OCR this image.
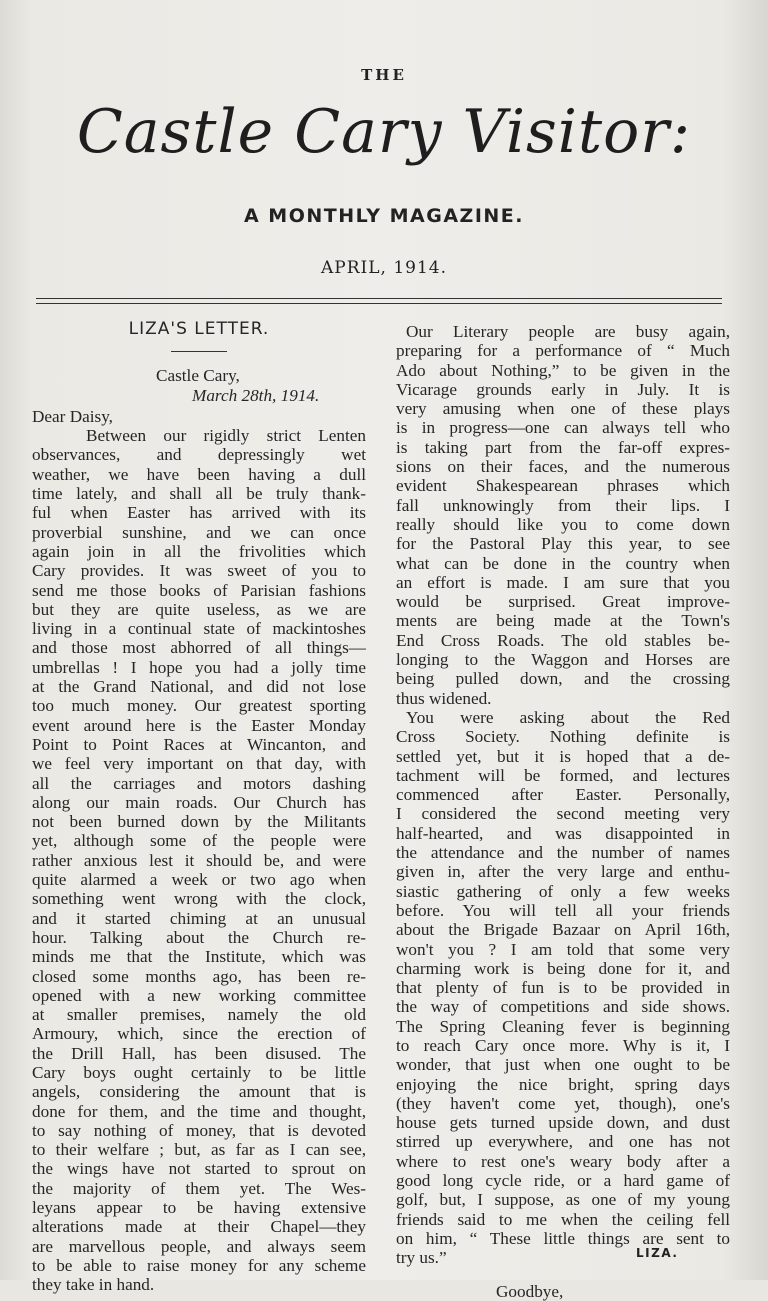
THE
Castle Cary Visitor:
A MONTHLY MAGAZINE.
APRIL, 1914.
LIZA'S LETTER.
Castle Cary,
March 28th, 1914.
Dear Daisy,
Between our rigidly strict Lenten
observances, and depressingly wet
weather, we have been having a dull
time lately, and shall all be truly thank-
ful when Easter has arrived with its
proverbial sunshine, and we can once
again join in all the frivolities which
Cary provides. It was sweet of you to
send me those books of Parisian fashions
but they are quite useless, as we are
living in a continual state of mackintoshes
and those most abhorred of all things—
umbrellas ! I hope you had a jolly time
at the Grand National, and did not lose
too much money. Our greatest sporting
event around here is the Easter Monday
Point to Point Races at Wincanton, and
we feel very important on that day, with
all the carriages and motors dashing
along our main roads. Our Church has
not been burned down by the Militants
yet, although some of the people were
rather anxious lest it should be, and were
quite alarmed a week or two ago when
something went wrong with the clock,
and it started chiming at an unusual
hour. Talking about the Church re-
minds me that the Institute, which was
closed some months ago, has been re-
opened with a new working committee
at smaller premises, namely the old
Armoury, which, since the erection of
the Drill Hall, has been disused. The
Cary boys ought certainly to be little
angels, considering the amount that is
done for them, and the time and thought,
to say nothing of money, that is devoted
to their welfare ; but, as far as I can see,
the wings have not started to sprout on
the majority of them yet. The Wes-
leyans appear to be having extensive
alterations made at their Chapel—they
are marvellous people, and always seem
to be able to raise money for any scheme
they take in hand.
Our Literary people are busy again,
preparing for a performance of “ Much
Ado about Nothing,” to be given in the
Vicarage grounds early in July. It is
very amusing when one of these plays
is in progress—one can always tell who
is taking part from the far-off expres-
sions on their faces, and the numerous
evident Shakespearean phrases which
fall unknowingly from their lips. I
really should like you to come down
for the Pastoral Play this year, to see
what can be done in the country when
an effort is made. I am sure that you
would be surprised. Great improve-
ments are being made at the Town's
End Cross Roads. The old stables be-
longing to the Waggon and Horses are
being pulled down, and the crossing
thus widened.
You were asking about the Red
Cross Society. Nothing definite is
settled yet, but it is hoped that a de-
tachment will be formed, and lectures
commenced after Easter. Personally,
I considered the second meeting very
half-hearted, and was disappointed in
the attendance and the number of names
given in, after the very large and enthu-
siastic gathering of only a few weeks
before. You will tell all your friends
about the Brigade Bazaar on April 16th,
won't you ? I am told that some very
charming work is being done for it, and
that plenty of fun is to be provided in
the way of competitions and side shows.
The Spring Cleaning fever is beginning
to reach Cary once more. Why is it, I
wonder, that just when one ought to be
enjoying the nice bright, spring days
(they haven't come yet, though), one's
house gets turned upside down, and dust
stirred up everywhere, and one has not
where to rest one's weary body after a
good long cycle ride, or a hard game of
golf, but, I suppose, as one of my young
friends said to me when the ceiling fell
on him, “ These little things are sent to
try us.”
Goodbye,
LIZA.
